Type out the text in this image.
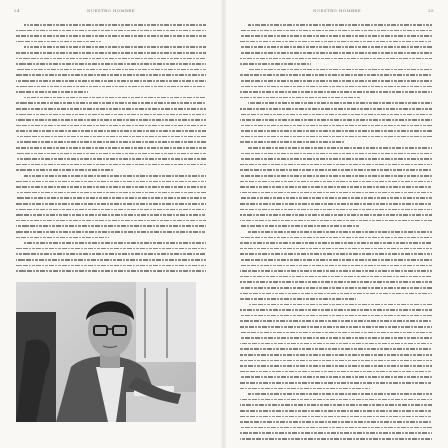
24	NUESTRO HOMBRE	NUESTRO HOMBRE	25
